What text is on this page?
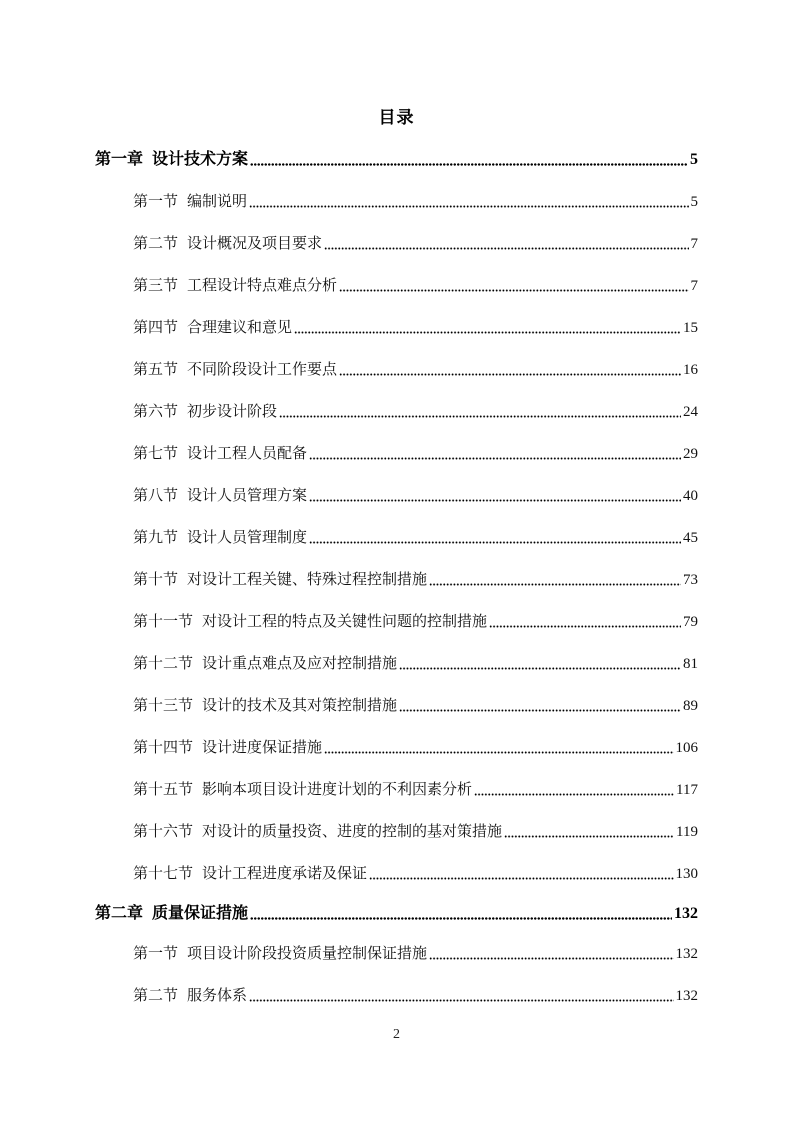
目录
第一章 设计技术方案	5
第一节 编制说明	5
第二节 设计概况及项目要求	7
第三节 工程设计特点难点分析	7
第四节 合理建议和意见	15
第五节 不同阶段设计工作要点	16
第六节 初步设计阶段	24
第七节 设计工程人员配备	29
第八节 设计人员管理方案	40
第九节 设计人员管理制度	45
第十节 对设计工程关键、特殊过程控制措施	73
第十一节 对设计工程的特点及关键性问题的控制措施	79
第十二节 设计重点难点及应对控制措施	81
第十三节 设计的技术及其对策控制措施	89
第十四节 设计进度保证措施	106
第十五节 影响本项目设计进度计划的不利因素分析	117
第十六节 对设计的质量投资、进度的控制的基对策措施	119
第十七节 设计工程进度承诺及保证	130
第二章 质量保证措施	132
第一节 项目设计阶段投资质量控制保证措施	132
第二节 服务体系	132
2
